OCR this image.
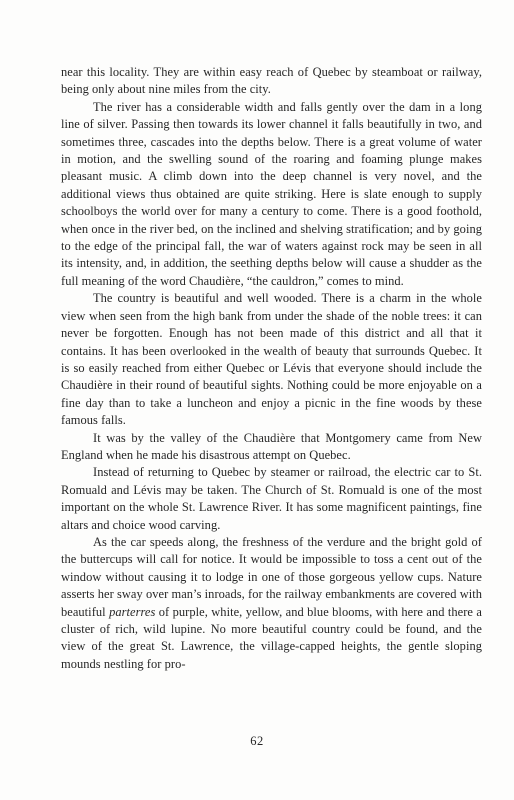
near this locality. They are within easy reach of Quebec by steamboat or railway, being only about nine miles from the city.

The river has a considerable width and falls gently over the dam in a long line of silver. Passing then towards its lower channel it falls beautifully in two, and sometimes three, cascades into the depths below. There is a great volume of water in motion, and the swelling sound of the roaring and foaming plunge makes pleasant music. A climb down into the deep channel is very novel, and the additional views thus obtained are quite striking. Here is slate enough to supply schoolboys the world over for many a century to come. There is a good foothold, when once in the river bed, on the inclined and shelving stratification; and by going to the edge of the principal fall, the war of waters against rock may be seen in all its intensity, and, in addition, the seething depths below will cause a shudder as the full meaning of the word Chaudière, “the cauldron,” comes to mind.

The country is beautiful and well wooded. There is a charm in the whole view when seen from the high bank from under the shade of the noble trees: it can never be forgotten. Enough has not been made of this district and all that it contains. It has been overlooked in the wealth of beauty that surrounds Quebec. It is so easily reached from either Quebec or Lévis that everyone should include the Chaudière in their round of beautiful sights. Nothing could be more enjoyable on a fine day than to take a luncheon and enjoy a picnic in the fine woods by these famous falls.

It was by the valley of the Chaudière that Montgomery came from New England when he made his disastrous attempt on Quebec.

Instead of returning to Quebec by steamer or railroad, the electric car to St. Romuald and Lévis may be taken. The Church of St. Romuald is one of the most important on the whole St. Lawrence River. It has some magnificent paintings, fine altars and choice wood carving.

As the car speeds along, the freshness of the verdure and the bright gold of the buttercups will call for notice. It would be impossible to toss a cent out of the window without causing it to lodge in one of those gorgeous yellow cups. Nature asserts her sway over man’s inroads, for the railway embankments are covered with beautiful parterres of purple, white, yellow, and blue blooms, with here and there a cluster of rich, wild lupine. No more beautiful country could be found, and the view of the great St. Lawrence, the village-capped heights, the gentle sloping mounds nestling for pro-

62
